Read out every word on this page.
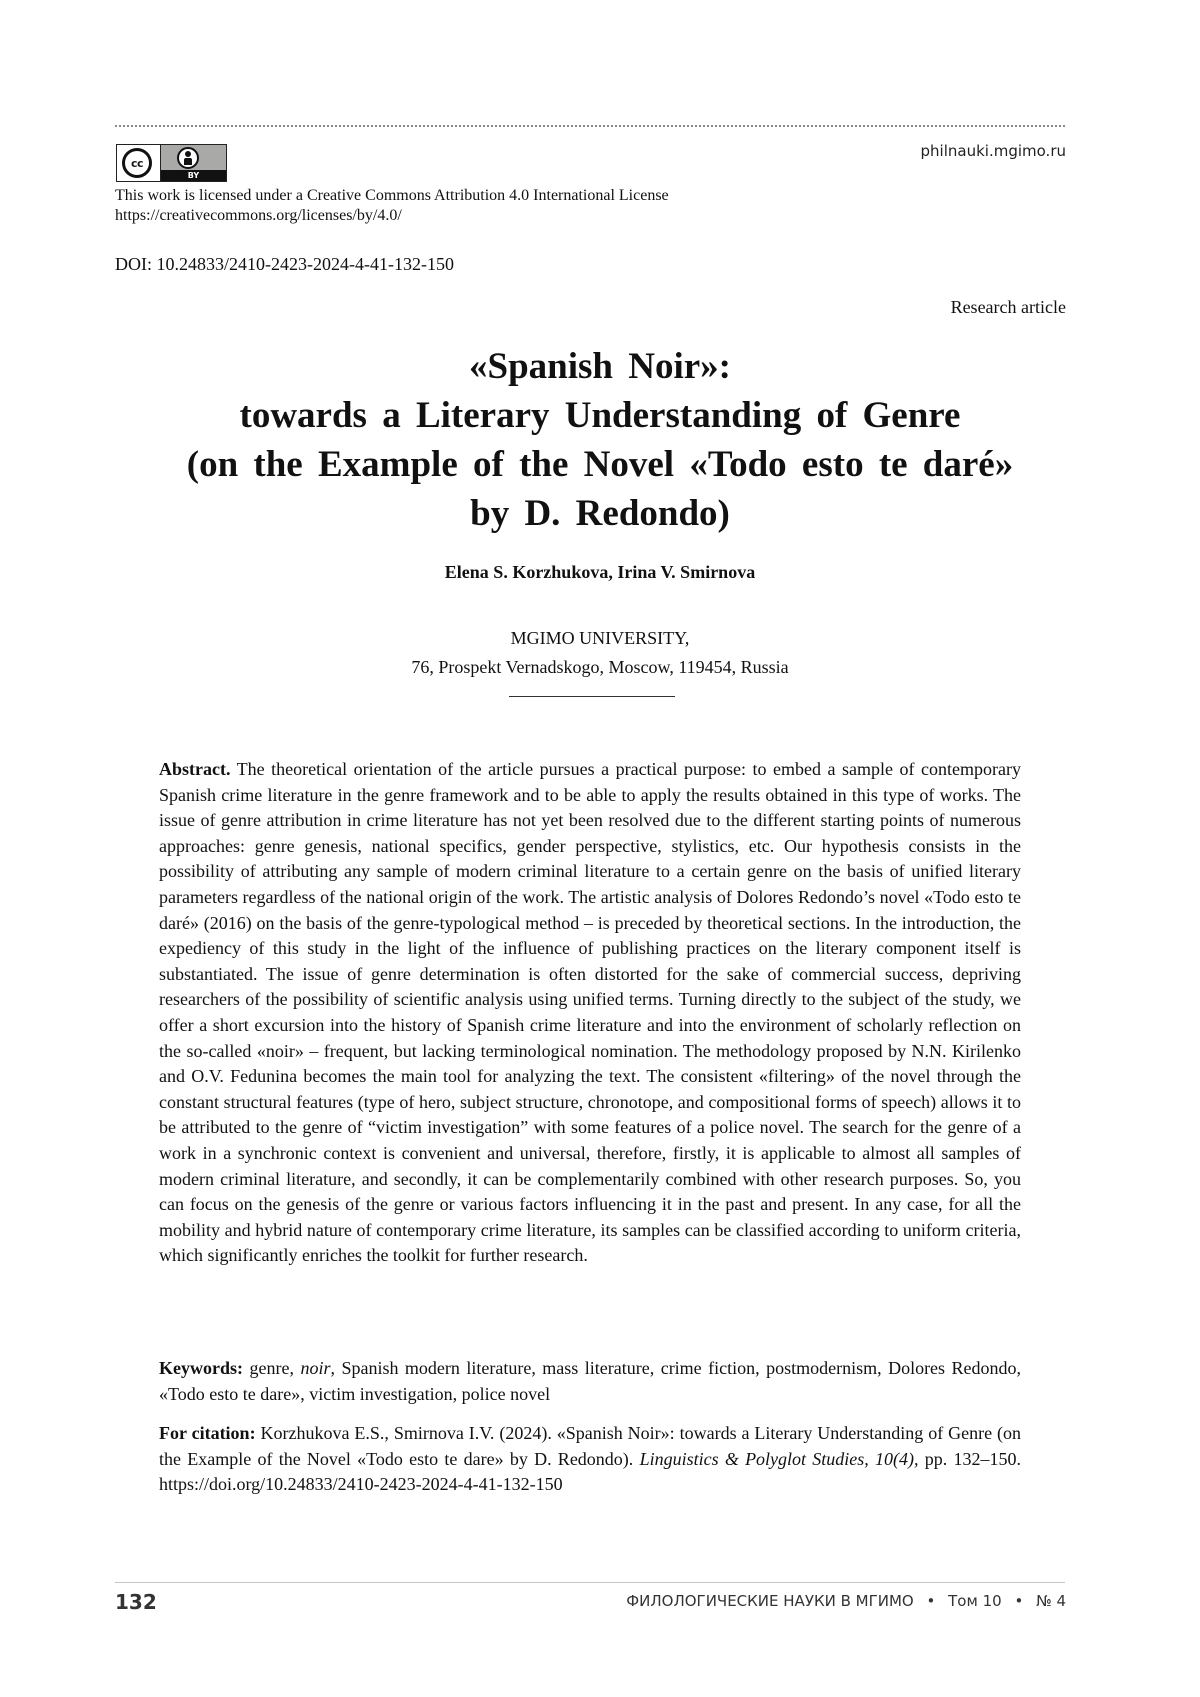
cc
BY
philnauki.mgimo.ru
This work is licensed under a Creative Commons Attribution 4.0 International License
https://creativecommons.org/licenses/by/4.0/
DOI: 10.24833/2410-2423-2024-4-41-132-150
Research article
«Spanish Noir»:
towards a Literary Understanding of Genre
(on the Example of the Novel «Todo esto te daré»
by D. Redondo)
Elena S. Korzhukova, Irina V. Smirnova
MGIMO UNIVERSITY,
76, Prospekt Vernadskogo, Moscow, 119454, Russia
Abstract. The theoretical orientation of the article pursues a practical purpose: to embed a sample of contemporary Spanish crime literature in the genre framework and to be able to apply the results obtained in this type of works. The issue of genre attribution in crime literature has not yet been resolved due to the different starting points of numerous approaches: genre genesis, national specifics, gender perspective, stylistics, etc. Our hypothesis consists in the possibility of attributing any sample of modern criminal literature to a certain genre on the basis of unified literary parameters regardless of the national origin of the work. The artistic analysis of Dolores Redondo’s novel «Todo esto te daré» (2016) on the basis of the genre-typological method – is preceded by theoretical sections. In the introduction, the expediency of this study in the light of the influence of publishing practices on the literary component itself is substantiated. The issue of genre determination is often distorted for the sake of commercial success, depriving researchers of the possibility of scientific analysis using unified terms. Turning directly to the subject of the study, we offer a short excursion into the history of Spanish crime literature and into the environment of scholarly reflection on the so-called «noir» – frequent, but lacking terminological nomination. The methodology proposed by N.N. Kirilenko and O.V. Fedunina becomes the main tool for analyzing the text. The consistent «filtering» of the novel through the constant structural features (type of hero, subject structure, chronotope, and compositional forms of speech) allows it to be attributed to the genre of “victim investigation” with some features of a police novel. The search for the genre of a work in a synchronic context is convenient and universal, therefore, firstly, it is applicable to almost all samples of modern criminal literature, and secondly, it can be complementarily combined with other research purposes. So, you can focus on the genesis of the genre or various factors influencing it in the past and present. In any case, for all the mobility and hybrid nature of contemporary crime literature, its samples can be classified according to uniform criteria, which significantly enriches the toolkit for further research.
Keywords: genre, noir, Spanish modern literature, mass literature, crime fiction, postmodernism, Dolores Redondo, «Todo esto te dare», victim investigation, police novel
For citation: Korzhukova E.S., Smirnova I.V. (2024). «Spanish Noir»: towards a Literary Understanding of Genre (on the Example of the Novel «Todo esto te dare» by D. Redondo). Linguistics & Polyglot Studies, 10(4), pp. 132–150. https://doi.org/10.24833/2410-2423-2024-4-41-132-150
132	ФИЛОЛОГИЧЕСКИЕ НАУКИ В МГИМО • Том 10 • № 4
